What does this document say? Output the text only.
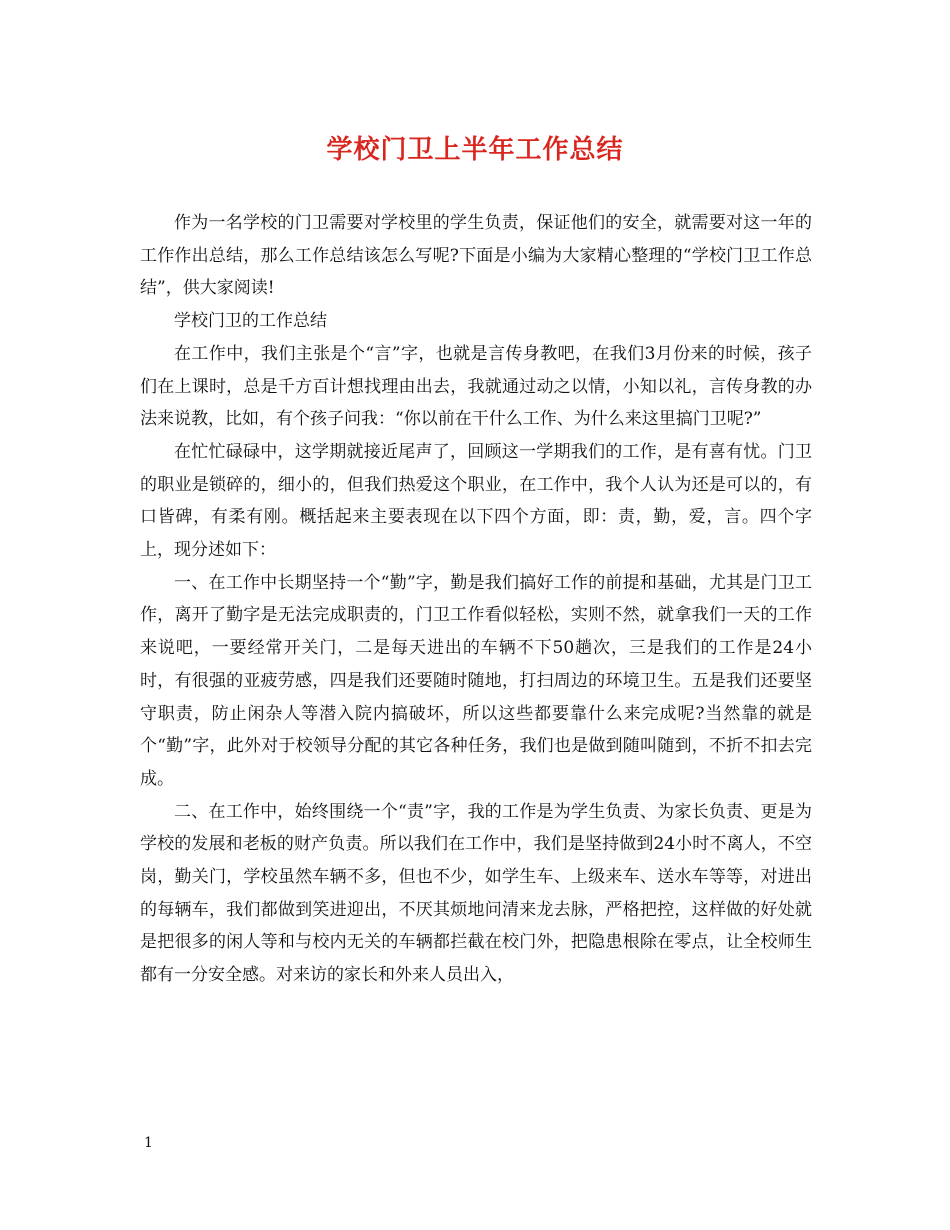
学校门卫上半年工作总结

作为一名学校的门卫需要对学校里的学生负责，保证他们的安全，就需要对这一年的工作作出总结，那么工作总结该怎么写呢?下面是小编为大家精心整理的“学校门卫工作总结”，供大家阅读!

学校门卫的工作总结

在工作中，我们主张是个“言”字，也就是言传身教吧，在我们3月份来的时候，孩子们在上课时，总是千方百计想找理由出去，我就通过动之以情，小知以礼，言传身教的办法来说教，比如，有个孩子问我：“你以前在干什么工作、为什么来这里搞门卫呢?”

在忙忙碌碌中，这学期就接近尾声了，回顾这一学期我们的工作，是有喜有忧。门卫的职业是锁碎的，细小的，但我们热爱这个职业，在工作中，我个人认为还是可以的，有口皆碑，有柔有刚。概括起来主要表现在以下四个方面，即：责，勤，爱，言。四个字上，现分述如下：

一、在工作中长期坚持一个“勤”字，勤是我们搞好工作的前提和基础，尤其是门卫工作，离开了勤字是无法完成职责的，门卫工作看似轻松，实则不然，就拿我们一天的工作来说吧，一要经常开关门，二是每天进出的车辆不下50趟次，三是我们的工作是24小时，有很强的亚疲劳感，四是我们还要随时随地，打扫周边的环境卫生。五是我们还要坚守职责，防止闲杂人等潜入院内搞破坏，所以这些都要靠什么来完成呢?当然靠的就是个“勤”字，此外对于校领导分配的其它各种任务，我们也是做到随叫随到，不折不扣去完成。

二、在工作中，始终围绕一个“责”字，我的工作是为学生负责、为家长负责、更是为学校的发展和老板的财产负责。所以我们在工作中，我们是坚持做到24小时不离人，不空岗，勤关门，学校虽然车辆不多，但也不少，如学生车、上级来车、送水车等等，对进出的每辆车，我们都做到笑进迎出，不厌其烦地问清来龙去脉，严格把控，这样做的好处就是把很多的闲人等和与校内无关的车辆都拦截在校门外，把隐患根除在零点，让全校师生都有一分安全感。对来访的家长和外来人员出入，

1
